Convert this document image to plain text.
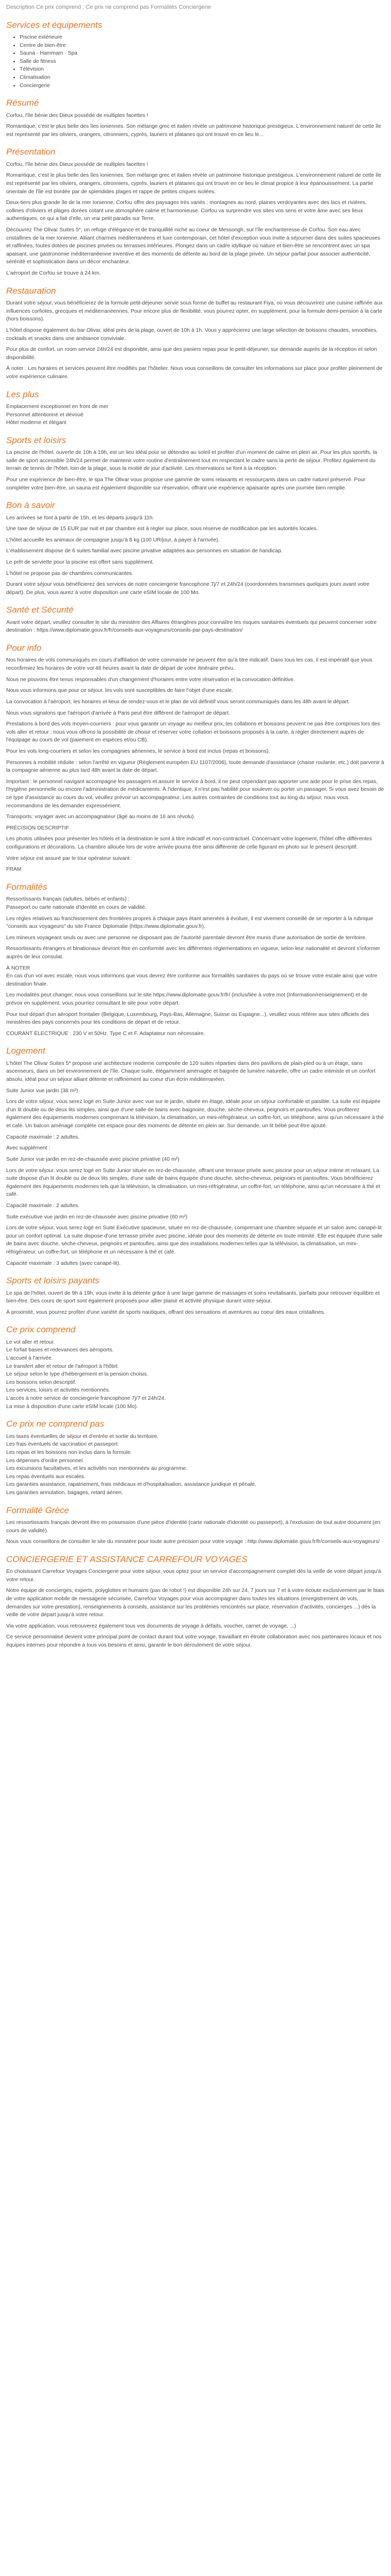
Description Ce prix comprend : Ce prix ne comprend pas Formalités Conciergerie

Services et équipements
• Piscine extérieure
• Centre de bien-être
• Sauna - Hammam - Spa
• Salle de fitness
• Télévision
• Climatisation
• Conciergerie
Résumé

Corfou, l'île bénie des Dieux possède de multiples facettes !

Romantique, c'est le plus belle des îles ioniennes. Son mélange grec et italien révèle un patrimoine historique prestigieux. L'environnement naturel de cette île est représenté par les oliviers, orangers, citronniers, cyprès, lauriers et platanes qui ont trouvé en ce lieu le...

Présentation

Corfou, l'île bénie des Dieux possède de multiples facettes !

Romantique, c'est le plus belle des îles ioniennes. Son mélange grec et italien révèle un patrimoine historique prestigieux. L'environnement naturel de cette île est représenté par les oliviers, orangers, citronniers, cyprès, lauriers et platanes qui ont trouvé en ce lieu le climat propice à leur épanouissement. La partie orientale de l'île est bordée par de splendides plages et rappe de petites criques isolées.

Deux-tiers plus grande île de la mer Ionienne, Corfou offre des paysages très variés : montagnes au nord, plaines verdoyantes avec des lacs et rivières, collines d'oliviers et plages dorées cotant une atmosphère calme et harmonieuse. Corfou va surprendre vos sites vos sens et votre âme avec ses lieux authentiques, ce qui a fait d'elle, un vrai petit paradis sur Terre.

Découvrez The Olivar Suites 5*, un refuge d'élégance et de tranquillité niché au coeur de Messongh, sur l'île enchanteresse de Corfou. Son eau avec cristallines de la mer Ionienne. Alliant charmes méditerranéens et luxe contemporain, cet hôtel d'exception vous invite à séjourner dans des suites spacieuses et raffinées, toutes dotées de piscines privées ou terrasses intérieures. Plongez dans un cadre idyllique où nature et bien-être se rencontrent avec un spa apaisant, une gastronomie méditerranéenne inventive et des moments de détente au bord de la plage privée. Un séjour parfait pour associer authenticité, sérénité et sophistication dans un décor enchanteur.

L'aéroport de Corfou se trouve à 24 km.

Restauration

Durant votre séjour, vous bénéficierez de la formule petit-déjeuner servie sous forme de buffet au restaurant Fiya, où vous découvrirez une cuisine raffinée aux influences corfiotes, grecques et méditerranéennes. Pour encore plus de flexibilité, vous pourrez opter, en supplément, pour la formule demi-pension à la carte (hors boissons).

L'hôtel dispose également du bar Olivar, idéal près de la plage, ouvert de 10h à 1h. Vous y apprécierez une large sélection de boissons chaudes, smoothies, cocktails et snacks dans une ambiance conviviale.

Pour plus de confort, un room service 24h/24 est disponible, ainsi que des paniers repas pour le petit-déjeuner, sur demande auprès de la réception et selon disponibilité.

À noter : Les horaires et services peuvent être modifiés par l'hôtelier. Nous vous conseillons de consulter les informations sur place pour profiter pleinement de votre expérience culinaire.

Les plus

Emplacement exceptionnel en front de mer
Personnel attentionné et dévoué
Hôtel moderne et élégant

Sports et loisirs

La piscine de l'hôtel, ouverte de 10h à 19h, est un lieu idéal pour se détendre au soleil et profiter d'un moment de calme en plein air. Pour les plus sportifs, la salle de sport accessible 24h/24 permet de maintenir votre routine d'entraînement tout en respectant le cadre sans la perte de séjour. Profitez également du terrain de tennis de l'hôtel, loin de la plage, sous la moitié de jour d'activité. Les réservations se font à la réception.

Pour une expérience de bien-être, le spa The Olivar vous propose une gamme de soins relaxants et ressourçants dans un cadre naturel préservé. Pour compléter votre bien-être, un sauna est également disponible sur réservation, offrant une expérience apaisante après une journée bien remplie.

Bon à savoir

Les arrivées se font à partir de 15h, et les départs jusqu'à 11h.

Une taxe de séjour de 15 EUR par nuit et par chambre est à régler sur place, sous réserve de modification par les autorités locales.

L'hôtel accueille les animaux de compagnie jusqu'à 8 kg (100 UR/jour, à payer à l'arrivée).

L'établissement dispose de 6 suites familial avec piscine privative adaptées aux personnes en situation de handicap.

Le prêt de serviette pour la piscine est offert sans supplément.

L'hôtel ne propose pas de chambres communicantes.

Durant votre séjour vous bénéficierez des services de notre conciergerie francophone 7j/7 et 24h/24 (coordonnées transmises quelques jours avant votre départ). De plus, vous aurez à votre disposition une carte eSIM locale de 100 Mo.

Santé et Sécurité

Avant votre départ, veuillez consulter le site du ministère des Affaires étrangères pour connaître les risques sanitaires éventuels qui peuvent concerner votre destination : https://www.diplomatie.gouv.fr/fr/conseils-aux-voyageurs/conseils-par-pays-destination/

Pour info

Nos horaires de vols communiqués en cours d'affiliation de votre commande ne peuvent être qu'à titre indicatif. Dans tous les cas, il est impératif que vous reconfirmiez les horaires de votre vol 48 heures avant la date de départ de votre itinéraire prévu.

Nous ne pouvons être tenus responsables d'un changement d'horaires entre votre réservation et la convocation définitive.

Nous vous informons que pour ce séjour, les vols sont susceptibles de faire l'objet d'une escale.

La convocation à l'aéroport, les horaires et lieux de rendez-vous et le plan de vol définitif vous seront communiqués dans les 48h avant le départ.

Nous vous signalons que l'aéroport d'arrivée à Paris peut être différent de l'aéroport de départ.

Prestations à bord des vols moyen-courriers : pour vous garantir un voyage au meilleur prix, les collations et boissons peuvent ne pas être comprises lors des vols aller et retour : nous vous offrons la possibilité de choisir et réserver votre collation et boissons proposés à la carte, à régler directement auprès de l'équipage au cours de vol (paiement en espèces et/ou CB).

Pour les vols long-courriers et selon les compagnies aériennes, le service à bord est inclus (repas et boissons).

Personnes à mobilité réduite : selon l'arrêté en vigueur (Règlement européen EU 1107/2006), toute demande d'assistance (chaise roulante, etc.) doit parvenir à la compagnie aérienne au plus tard 48h avant la date de départ.

Important : le personnel navigant accompagne les passagers et assure le service à bord, il ne peut cependant pas apporter une aide pour le prise des repas, l'hygiène personnelle ou encore l'administration de médicaments. À l'identique, il n'est pas habilité pour soulever ou porter un passager. Si vous avez besoin de ce type d'assistance au cours du vol, veuillez prévoir un accompagnateur. Les autres contraintes de conditions tout au long du séjour, nous vous recommandons de les demander expressément.

Transports: voyager avec un accompagnateur (âgé au moins de 16 ans révolu).

PRÉCISION DESCRIPTIF

Les photos utilisées pour présenter les hôtels et la destination le sont à titre indicatif et non-contractuel. Concernant votre logement, l'hôtel offre différentes configurations et décorations. La chambre allouée lors de votre arrivée pourra être ainsi différente de celle figurant en photo sur le présent descriptif.

Votre séjour est assuré par le tour opérateur suivant :

FRAM

Formalités

Ressortissants français (adultes, bébés et enfants) :
Passeport ou carte nationale d'identité en cours de validité.

Les règles relatives au franchissement des frontières propres à chaque pays étant amenées à évoluer, il est vivement conseillé de se reporter à la rubrique "conseils aux voyageurs" du site France Diplomatie (https://www.diplomatie.gouv.fr).

Les mineurs voyageant seuls ou avec une personne ne disposant pas de l'autorité parentale devront être munis d'une autorisation de sortie de territoire.

Ressortissants étrangers et binationaux devront être en conformité avec les différentes réglementations en vigueur, selon leur nationalité et devront s'informer auprès de leur consulat.

À NOTER
En cas d'un vol avec escale, nous vous informons que vous devrez être conforme aux formalités sanitaires du pays où se trouve votre escale ainsi que votre destination finale.

Les modalités peut changer, nous vous conseillons sur le site https://www.diplomatie.gouv.fr/fr/ (inclus/liée à votre mot (Information/renseignement) et de prévoir en supplément, vous pourriez consultant le site pour votre départ.

Pour tout départ d'un aéroport frontalier (Belgique, Luxembourg, Pays-Bas, Allemagne, Suisse ou Espagne...), veuillez vous référer aux sites officiels des ministères des pays concernés pour les conditions de départ et de retour.

COURANT ÉLECTRIQUE : 230 V et 50Hz. Type C et F. Adaptateur non nécessaire.

Logement

L'hôtel The Olivar Suites 5* propose une architecture moderne composée de 120 suites réparties dans des pavillons de plain-pied ou à un étage, sans ascenseurs, dans un bel environnement de l'île. Chaque suite, élégamment aménagée et baignée de lumière naturelle, offre un cadre intimiste et un confort absolu, idéal pour un séjour alliant détente et raffinement au coeur d'un écrin méditerranéen.

Suite Junior vue jardin (38 m²)

Lors de votre séjour, vous serez logé en Suite Junior avec vue sur le jardin, située en étage, idéale pour un séjour confortable et paisible. La suite est équipée d'un lit double ou de deux lits simples, ainsi que d'une salle de bains avec baignoire, douche, sèche-cheveux, peignoirs et pantoufles. Vous profiterez également des équipements modernes comprenant la télévision, la climatisation, un mini-réfrigérateur, un coffre-fort, un téléphone, ainsi qu'un nécessaire à thé et café. Un balcon aménagé complète cet espace pour des moments de détente en plein air. Sur demande, un lit bébé peut être ajouté.

Capacité maximale : 2 adultes.

Avec supplément :

Suite Junior vue jardin en rez-de-chaussée avec piscine privative (40 m²)

Lors de votre séjour, vous serez logé en Suite Junior située en rez-de-chaussée, offrant une terrasse privée avec piscine pour un séjour intime et relaxant. La suite dispose d'un lit double ou de deux lits simples, d'une salle de bains équipée d'une douche, sèche-cheveux, peignoirs et pantoufles. Vous bénéficierez également des équipements modernes tels que la télévision, la climatisation, un mini-réfrigérateur, un coffre-fort, un téléphone, ainsi qu'un nécessaire à thé et café.

Capacité maximale : 2 adultes.

Suite exécutive vue jardin en rez-de-chaussée avec piscine privative (60 m²)

Lors de votre séjour, vous serez logé en Suite Exécutive spacieuse, située en rez-de-chaussée, comprenant une chambre séparée et un salon avec canapé-lit pour un confort optimal. La suite dispose d'une terrasse privée avec piscine, idéale pour des moments de détente en toute intimité. Elle est équipée d'une salle de bains avec douche, sèche-cheveux, peignoirs et pantoufles, ainsi que des installations modernes telles que la télévision, la climatisation, un mini-réfrigérateur, un coffre-fort, un téléphone et un nécessaire à thé et café.

Capacité maximale : 3 adultes (avec canapé-lit).

Sports et loisirs payants

Le spa de l'hôtel, ouvert de 9h à 19h, vous invite à la détente grâce à une large gamme de massages et soins revitalisants, parfaits pour retrouver équilibre et bien-être. Des cours de sport sont également proposés pour allier plaisir et activité physique durant votre séjour.

À proximité, vous pourrez profiter d'une variété de sports nautiques, offrant des sensations et aventures au coeur des eaux cristallines.

Ce prix comprend

Le vol aller et retour.
Le forfait bases et redevances des aéroports.
L'accueil à l'arrivée.
Le transfert aller et retour de l'aéroport à l'hôtel.
Le séjour selon le type d'hébergement et la pension choisis.
Les boissons selon descriptif.
Les services, loisirs et activités mentionnés.
L'accès à notre service de conciergerie francophone 7j/7 et 24h/24.
La mise à disposition d'une carte eSIM locale (100 Mo).

Ce prix ne comprend pas

Les taxes éventuelles de séjour et d'entrée et sortie du territoire.
Les frais éventuels de vaccination et passeport.
Les repas et les boissons non inclus dans la formule.
Les dépenses d'ordre personnel.
Les excursions facultatives, et les activités non mentionnées au programme.
Les repas éventuels aux escales.
Les garanties assistance, rapatriement, frais médicaux et d'hospitalisation, assistance juridique et pénale.
Les garanties annulation, bagages, retard aérien.

Formalité Grèce

Les ressortissants français devront être en possession d'une pièce d'identité (carte nationale d'identité ou passeport), à l'exclusion de tout autre document (en cours de validité).

Nous vous conseillons de consulter le site du ministère pour toute autre précision pour votre voyage : http://www.diplomatie.gouv.fr/fr/conseils-aux-voyageurs/

CONCIERGERIE ET ASSISTANCE CARREFOUR VOYAGES

En choisissant Carrefour Voyages Conciergerie pour votre séjour, vous optez pour un service d'accompagnement complet dès la veille de votre départ jusqu'à votre retour.

Notre équipe de concierges, experts, polyglottes et humains (pas de robot !) est disponible 24h sur 24, 7 jours sur 7 et à votre écoute exclusivement par le biais de votre application mobile de messagerie sécurisée, Carrefour Voyages pour vous accompagner dans toutes les situations (enregistrement de vols, demandes sur votre prestation), renseignements à conseils, assistance sur les problèmes rencontrés sur place, réservation d'activités, concierges ...) dès la veille de votre départ jusqu'à votre retour.

Via votre application, vous retrouverez également tous vos documents de voyage à défaits, voucher, carnet de voyage, ...)

Ce service personnalisé devient votre principal point de contact durant tout votre voyage, travaillant en étroite collaboration avec nos partenaires locaux et nos équipes internes pour répondre à tous vos besoins et ainsi, garantir le bon déroulement de votre séjour.
